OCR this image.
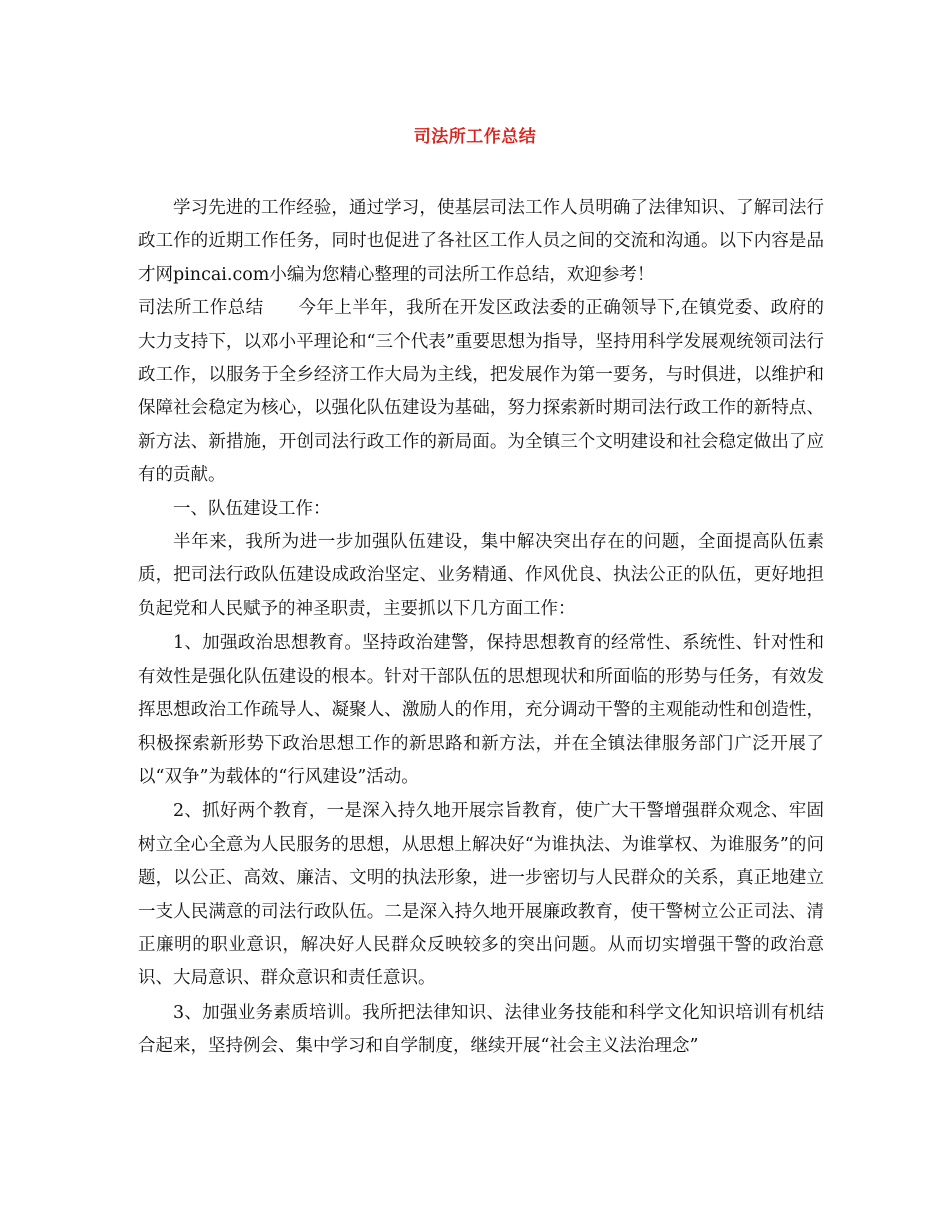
司法所工作总结

学习先进的工作经验，通过学习，使基层司法工作人员明确了法律知识、了解司法行政工作的近期工作任务，同时也促进了各社区工作人员之间的交流和沟通。以下内容是品才网pincai.com小编为您精心整理的司法所工作总结，欢迎参考！

司法所工作总结 今年上半年，我所在开发区政法委的正确领导下,在镇党委、政府的大力支持下，以邓小平理论和“三个代表”重要思想为指导，坚持用科学发展观统领司法行政工作，以服务于全乡经济工作大局为主线，把发展作为第一要务，与时俱进，以维护和保障社会稳定为核心，以强化队伍建设为基础，努力探索新时期司法行政工作的新特点、新方法、新措施，开创司法行政工作的新局面。为全镇三个文明建设和社会稳定做出了应有的贡献。

一、队伍建设工作：

半年来，我所为进一步加强队伍建设，集中解决突出存在的问题，全面提高队伍素质，把司法行政队伍建设成政治坚定、业务精通、作风优良、执法公正的队伍，更好地担负起党和人民赋予的神圣职责，主要抓以下几方面工作：

1、加强政治思想教育。坚持政治建警，保持思想教育的经常性、系统性、针对性和有效性是强化队伍建设的根本。针对干部队伍的思想现状和所面临的形势与任务，有效发挥思想政治工作疏导人、凝聚人、激励人的作用，充分调动干警的主观能动性和创造性，积极探索新形势下政治思想工作的新思路和新方法，并在全镇法律服务部门广泛开展了以“双争”为载体的“行风建设”活动。

2、抓好两个教育，一是深入持久地开展宗旨教育，使广大干警增强群众观念、牢固树立全心全意为人民服务的思想，从思想上解决好“为谁执法、为谁掌权、为谁服务”的问题，以公正、高效、廉洁、文明的执法形象，进一步密切与人民群众的关系，真正地建立一支人民满意的司法行政队伍。二是深入持久地开展廉政教育，使干警树立公正司法、清正廉明的职业意识，解决好人民群众反映较多的突出问题。从而切实增强干警的政治意识、大局意识、群众意识和责任意识。

3、加强业务素质培训。我所把法律知识、法律业务技能和科学文化知识培训有机结合起来，坚持例会、集中学习和自学制度，继续开展“社会主义法治理念”
